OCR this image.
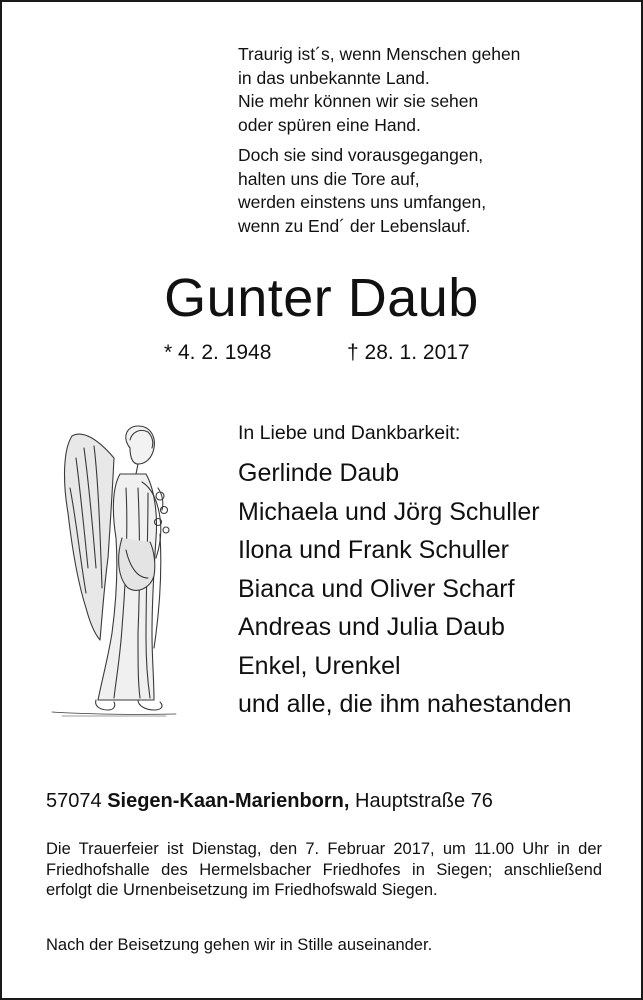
Traurig ist´s, wenn Menschen gehen
in das unbekannte Land.
Nie mehr können wir sie sehen
oder spüren eine Hand.
Doch sie sind vorausgegangen,
halten uns die Tore auf,
werden einstens uns umfangen,
wenn zu End´ der Lebenslauf.
Gunter Daub
* 4. 2. 1948	† 28. 1. 2017
In Liebe und Dankbarkeit:
Gerlinde Daub
Michaela und Jörg Schuller
Ilona und Frank Schuller
Bianca und Oliver Scharf
Andreas und Julia Daub
Enkel, Urenkel
und alle, die ihm nahestanden
57074 Siegen-Kaan-Marienborn, Hauptstraße 76
Die Trauerfeier ist Dienstag, den 7. Februar 2017, um 11.00 Uhr in der Friedhofshalle des Hermelsbacher Friedhofes in Siegen; anschließend erfolgt die Urnenbeisetzung im Friedhofswald Siegen.
Nach der Beisetzung gehen wir in Stille auseinander.
